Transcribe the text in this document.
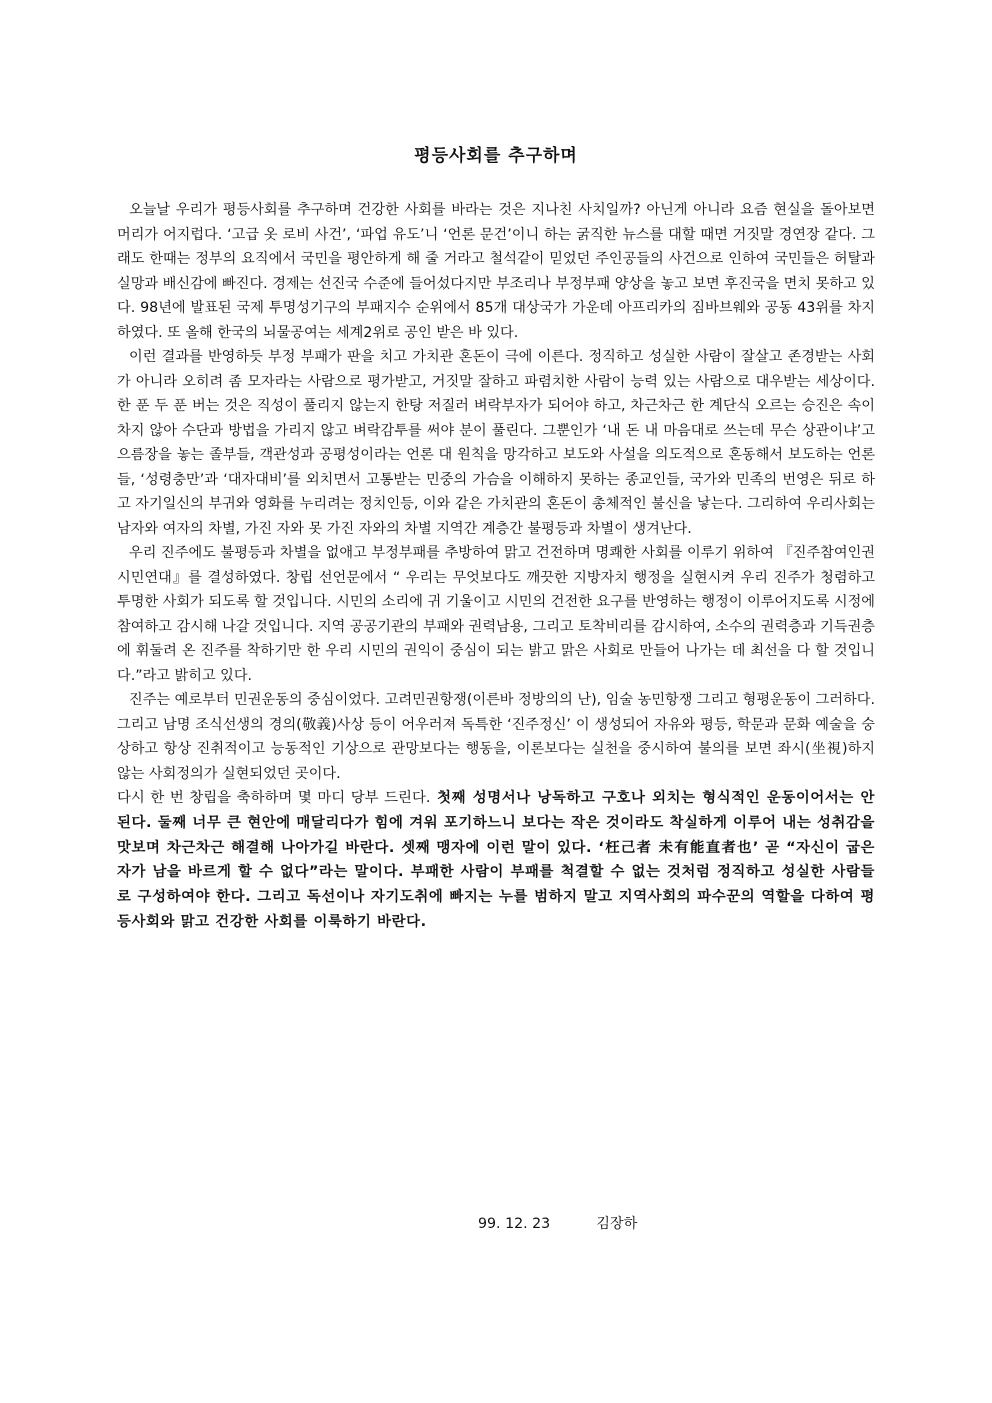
평등사회를 추구하며

오늘날 우리가 평등사회를 추구하며 건강한 사회를 바라는 것은 지나친 사치일까? 아닌게 아니라 요즘 현실을 돌아보면 머리가 어지럽다. ‘고급 옷 로비 사건’, ‘파업 유도’니 ‘언론 문건’이니 하는 굵직한 뉴스를 대할 때면 거짓말 경연장 같다. 그래도 한때는 정부의 요직에서 국민을 평안하게 해 줄 거라고 철석같이 믿었던 주인공들의 사건으로 인하여 국민들은 허탈과 실망과 배신감에 빠진다. 경제는 선진국 수준에 들어섰다지만 부조리나 부정부패 양상을 놓고 보면 후진국을 면치 못하고 있다. 98년에 발표된 국제 투명성기구의 부패지수 순위에서 85개 대상국가 가운데 아프리카의 짐바브웨와 공동 43위를 차지하였다. 또 올해 한국의 뇌물공여는 세계2위로 공인 받은 바 있다.

이런 결과를 반영하듯 부정 부패가 판을 치고 가치관 혼돈이 극에 이른다. 정직하고 성실한 사람이 잘살고 존경받는 사회가 아니라 오히려 좀 모자라는 사람으로 평가받고, 거짓말 잘하고 파렴치한 사람이 능력 있는 사람으로 대우받는 세상이다. 한 푼 두 푼 버는 것은 직성이 풀리지 않는지 한탕 저질러 벼락부자가 되어야 하고, 차근차근 한 계단식 오르는 승진은 속이 차지 않아 수단과 방법을 가리지 않고 벼락감투를 써야 분이 풀린다. 그뿐인가 ‘내 돈 내 마음대로 쓰는데 무슨 상관이냐’고 으름장을 놓는 졸부들, 객관성과 공평성이라는 언론 대 원칙을 망각하고 보도와 사설을 의도적으로 혼동해서 보도하는 언론들, ‘성령충만’과 ‘대자대비’를 외치면서 고통받는 민중의 가슴을 이해하지 못하는 종교인들, 국가와 민족의 번영은 뒤로 하고 자기일신의 부귀와 영화를 누리려는 정치인등, 이와 같은 가치관의 혼돈이 총체적인 불신을 낳는다. 그리하여 우리사회는 남자와 여자의 차별, 가진 자와 못 가진 자와의 차별 지역간 계층간 불평등과 차별이 생겨난다.

우리 진주에도 불평등과 차별을 없애고 부정부패를 추방하여 맑고 건전하며 명쾌한 사회를 이루기 위하여 『진주참여인권시민연대』를 결성하였다. 창립 선언문에서 “ 우리는 무엇보다도 깨끗한 지방자치 행정을 실현시켜 우리 진주가 청렴하고 투명한 사회가 되도록 할 것입니다. 시민의 소리에 귀 기울이고 시민의 건전한 요구를 반영하는 행정이 이루어지도록 시정에 참여하고 감시해 나갈 것입니다. 지역 공공기관의 부패와 권력남용, 그리고 토착비리를 감시하여, 소수의 권력층과 기득권층에 휘둘려 온 진주를 착하기만 한 우리 시민의 권익이 중심이 되는 밝고 맑은 사회로 만들어 나가는 데 최선을 다 할 것입니다.”라고 밝히고 있다.

진주는 예로부터 민권운동의 중심이었다. 고려민권항쟁(이른바 정방의의 난), 임술 농민항쟁 그리고 형평운동이 그러하다. 그리고 남명 조식선생의 경의(敬義)사상 등이 어우러져 독특한 ‘진주정신’ 이 생성되어 자유와 평등, 학문과 문화 예술을 숭상하고 항상 진취적이고 능동적인 기상으로 관망보다는 행동을, 이론보다는 실천을 중시하여 불의를 보면 좌시(坐視)하지 않는 사회정의가 실현되었던 곳이다.

다시 한 번 창립을 축하하며 몇 마디 당부 드린다. 첫째 성명서나 낭독하고 구호나 외치는 형식적인 운동이어서는 안 된다. 둘째 너무 큰 현안에 매달리다가 힘에 겨워 포기하느니 보다는 작은 것이라도 착실하게 이루어 내는 성취감을 맛보며 차근차근 해결해 나아가길 바란다. 셋째 맹자에 이런 말이 있다. ‘枉己者 未有能直者也’ 곧 “자신이 굽은 자가 남을 바르게 할 수 없다”라는 말이다. 부패한 사람이 부패를 척결할 수 없는 것처럼 정직하고 성실한 사람들로 구성하여야 한다. 그리고 독선이나 자기도취에 빠지는 누를 범하지 말고 지역사회의 파수꾼의 역할을 다하여 평등사회와 맑고 건강한 사회를 이룩하기 바란다.

99. 12. 23	김장하
